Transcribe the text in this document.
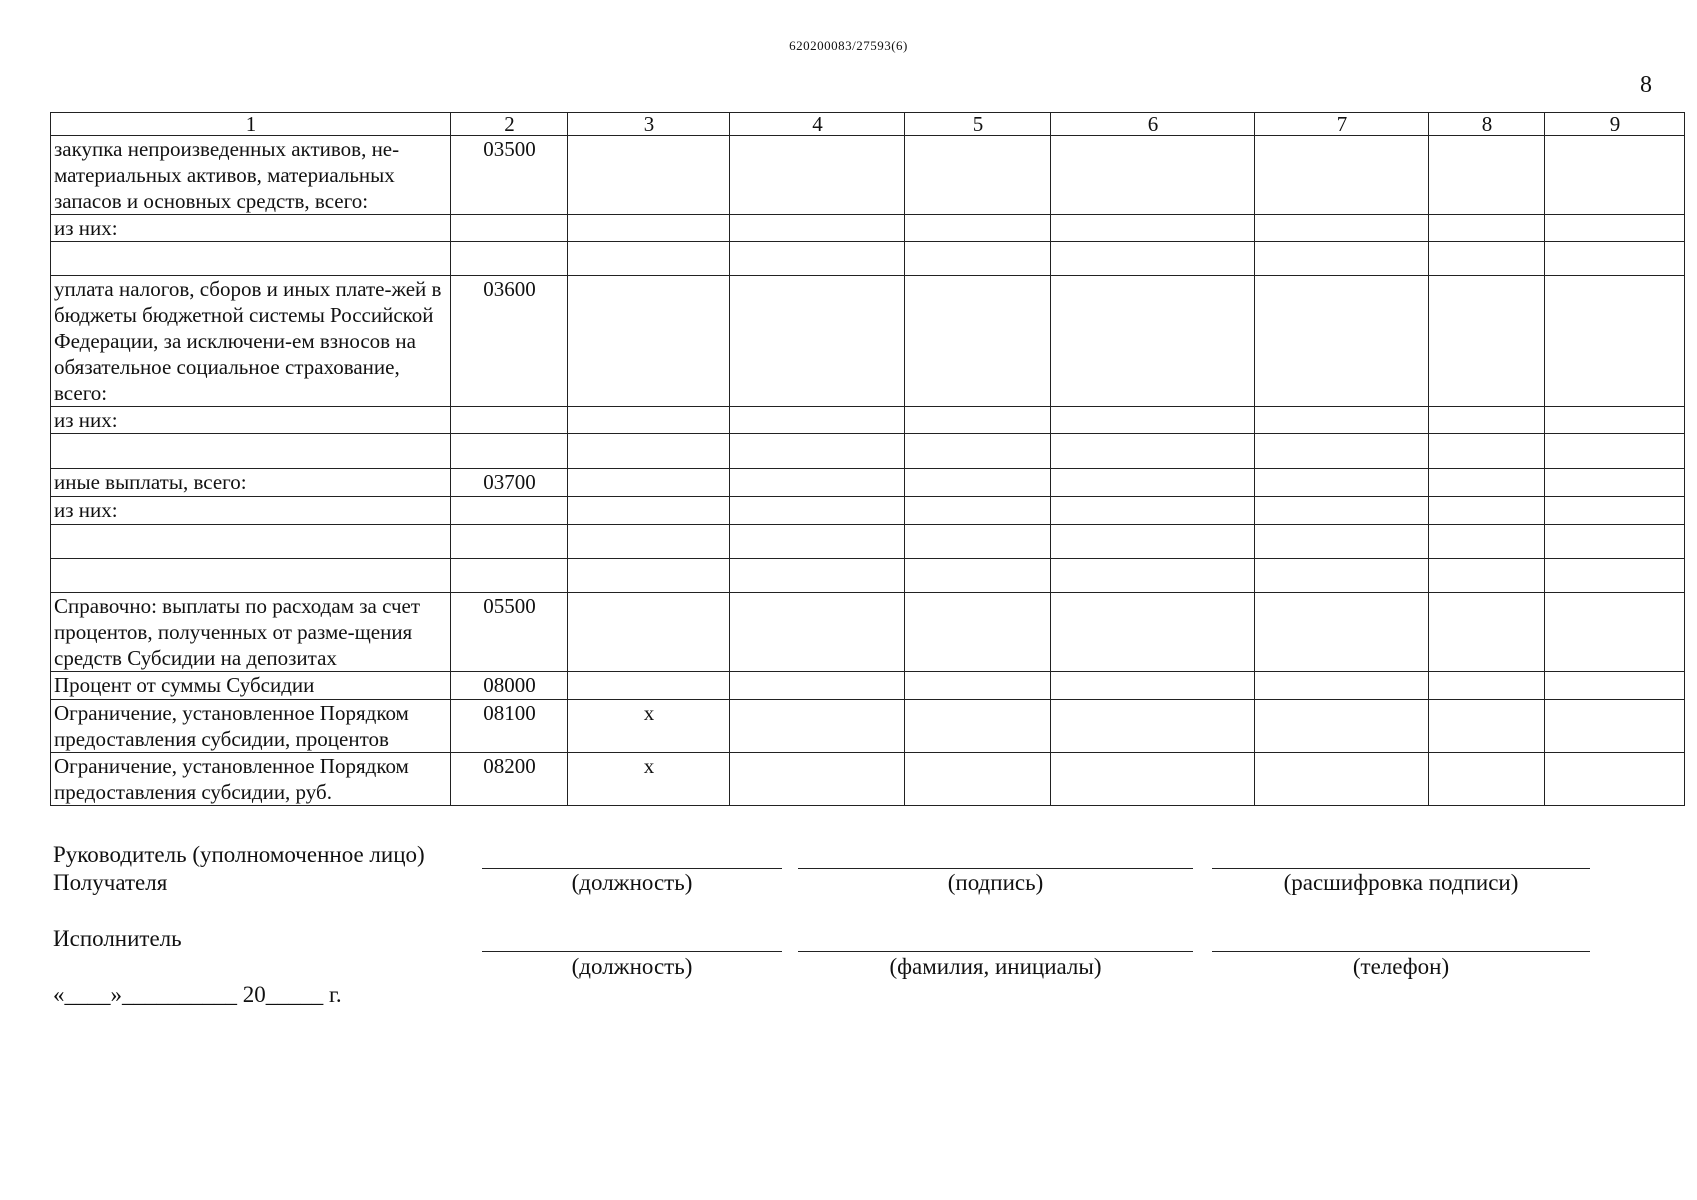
620200083/27593(6)
8
1	2	3	4	5	6	7	8	9
закупка непроизведенных активов, не-материальных активов, материальных запасов и основных средств, всего:	03500							
из них:								

уплата налогов, сборов и иных плате-жей в бюджеты бюджетной системы Российской Федерации, за исключени-ем взносов на обязательное социальное страхование, всего:	03600							
из них:								

иные выплаты, всего:	03700							
из них:								

Справочно: выплаты по расходам за счет процентов, полученных от разме-щения средств Субсидии на депозитах	05500							
Процент от суммы Субсидии	08000							
Ограничение, установленное Порядком предоставления субсидии, процентов	08100	x						
Ограничение, установленное Порядком предоставления субсидии, руб.	08200	x						
Руководитель (уполномоченное лицо)
Получателя	(должность)	(подпись)	(расшифровка подписи)
Исполнитель
(должность)	(фамилия, инициалы)	(телефон)
«____»__________ 20_____ г.
